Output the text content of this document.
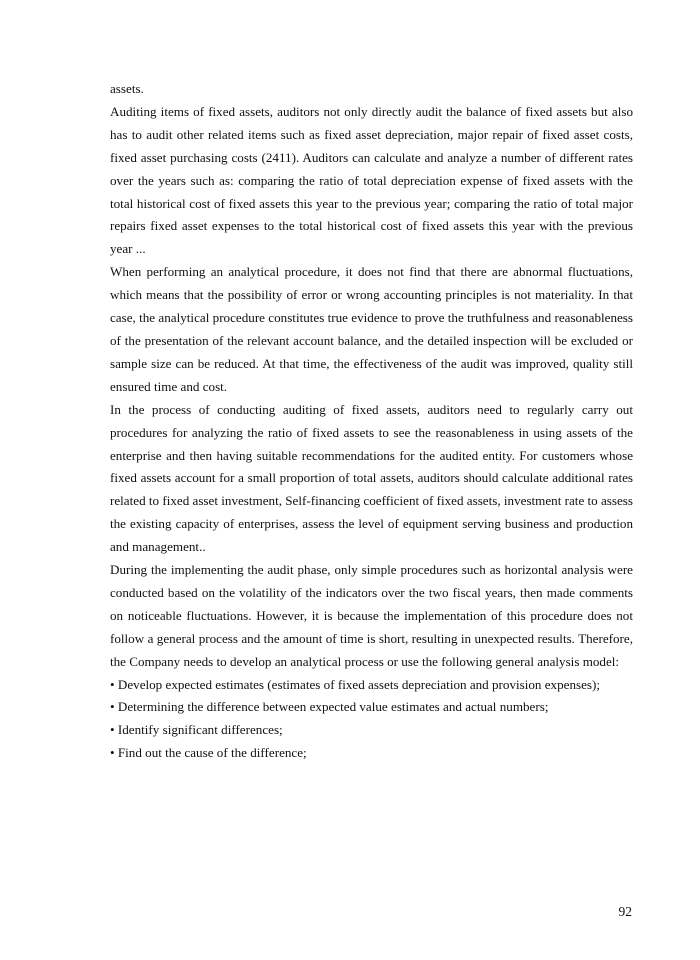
assets.

Auditing items of fixed assets, auditors not only directly audit the balance of fixed assets but also has to audit other related items such as fixed asset depreciation, major repair of fixed asset costs, fixed asset purchasing costs (2411). Auditors can calculate and analyze a number of different rates over the years such as: comparing the ratio of total depreciation expense of fixed assets with the total historical cost of fixed assets this year to the previous year; comparing the ratio of total major repairs fixed asset expenses to the total historical cost of fixed assets this year with the previous year ...

When performing an analytical procedure, it does not find that there are abnormal fluctuations, which means that the possibility of error or wrong accounting principles is not materiality. In that case, the analytical procedure constitutes true evidence to prove the truthfulness and reasonableness of the presentation of the relevant account balance, and the detailed inspection will be excluded or sample size can be reduced. At that time, the effectiveness of the audit was improved, quality still ensured time and cost.

In the process of conducting auditing of fixed assets, auditors need to regularly carry out procedures for analyzing the ratio of fixed assets to see the reasonableness in using assets of the enterprise and then having suitable recommendations for the audited entity. For customers whose fixed assets account for a small proportion of total assets, auditors should calculate additional rates related to fixed asset investment, Self-financing coefficient of fixed assets, investment rate to assess the existing capacity of enterprises, assess the level of equipment serving business and production and management..

During the implementing the audit phase, only simple procedures such as horizontal analysis were conducted based on the volatility of the indicators over the two fiscal years, then made comments on noticeable fluctuations. However, it is because the implementation of this procedure does not follow a general process and the amount of time is short, resulting in unexpected results. Therefore, the Company needs to develop an analytical process or use the following general analysis model:

• Develop expected estimates (estimates of fixed assets depreciation and provision expenses);

• Determining the difference between expected value estimates and actual numbers;

• Identify significant differences;

• Find out the cause of the difference;

92
